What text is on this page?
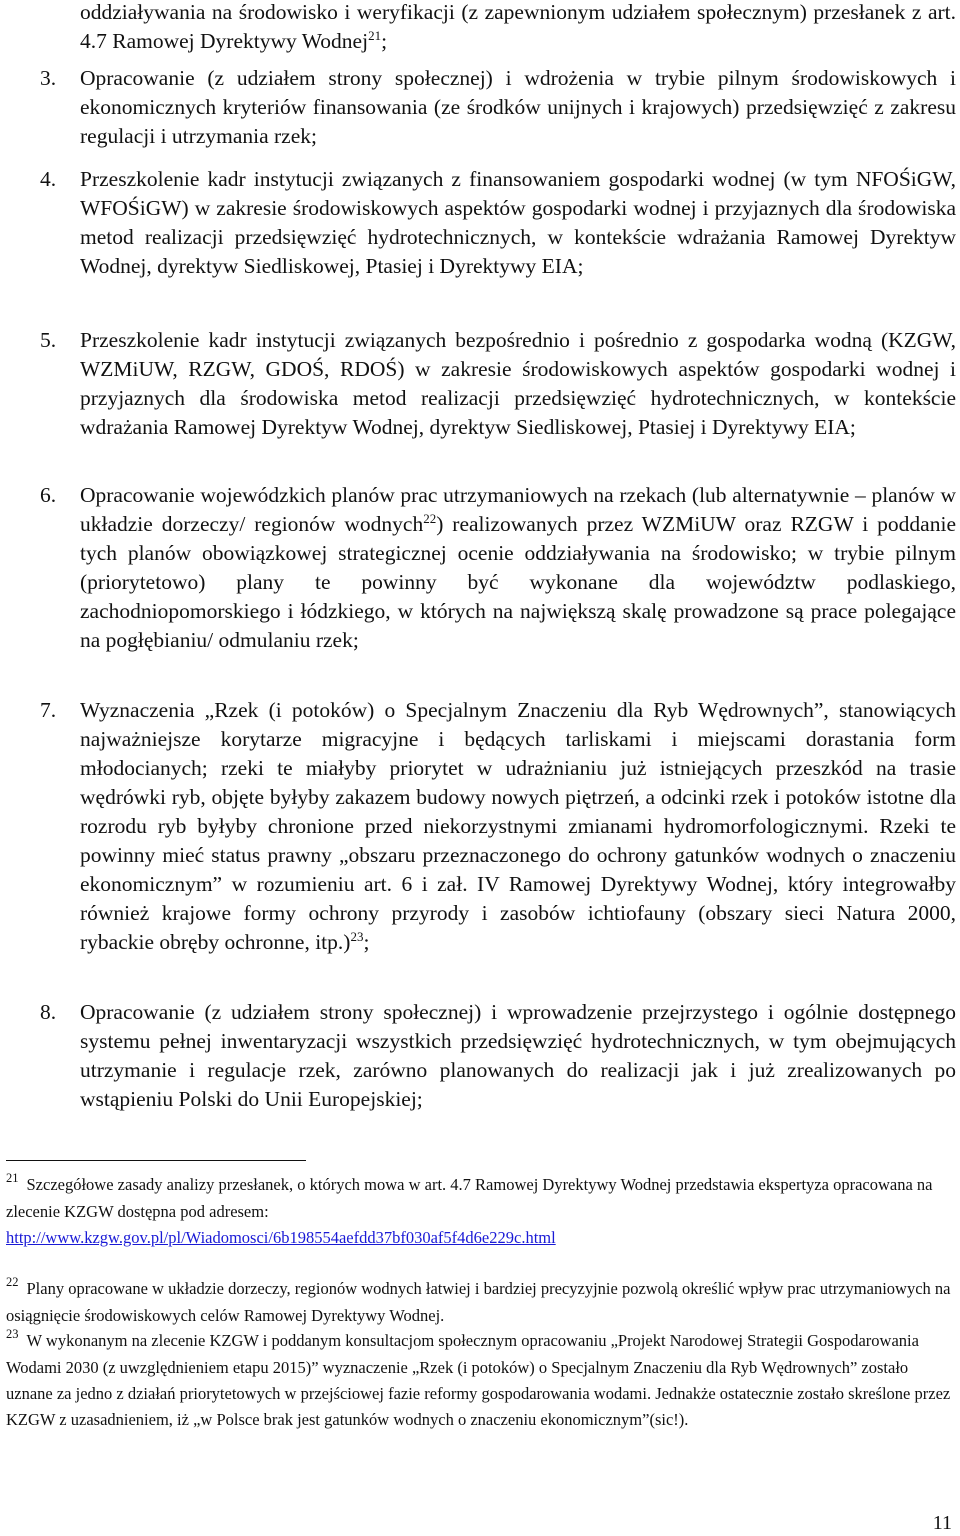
oddziaływania na środowisko i weryfikacji (z zapewnionym udziałem społecznym) przesłanek z art. 4.7 Ramowej Dyrektywy Wodnej$^{21}$;

3. Opracowanie (z udziałem strony społecznej) i wdrożenia w trybie pilnym środowiskowych i ekonomicznych kryteriów finansowania (ze środków unijnych i krajowych) przedsięwzięć z zakresu regulacji i utrzymania rzek;

4. Przeszkolenie kadr instytucji związanych z finansowaniem gospodarki wodnej (w tym NFOŚiGW, WFOŚiGW) w zakresie środowiskowych aspektów gospodarki wodnej i przyjaznych dla środowiska metod realizacji przedsięwzięć hydrotechnicznych, w kontekście wdrażania Ramowej Dyrektyw Wodnej, dyrektyw Siedliskowej, Ptasiej i Dyrektywy EIA;

5. Przeszkolenie kadr instytucji związanych bezpośrednio i pośrednio z gospodarka wodną (KZGW, WZMiUW, RZGW, GDOŚ, RDOŚ) w zakresie środowiskowych aspektów gospodarki wodnej i przyjaznych dla środowiska metod realizacji przedsięwzięć hydrotechnicznych, w kontekście wdrażania Ramowej Dyrektyw Wodnej, dyrektyw Siedliskowej, Ptasiej i Dyrektywy EIA;

6. Opracowanie wojewódzkich planów prac utrzymaniowych na rzekach (lub alternatywnie – planów w układzie dorzeczy/ regionów wodnych$^{22}$) realizowanych przez WZMiUW oraz RZGW i poddanie tych planów obowiązkowej strategicznej ocenie oddziaływania na środowisko; w trybie pilnym (priorytetowo) plany te powinny być wykonane dla województw podlaskiego, zachodniopomorskiego i łódzkiego, w których na największą skalę prowadzone są prace polegające na pogłębianiu/ odmulaniu rzek;

7. Wyznaczenia „Rzek (i potoków) o Specjalnym Znaczeniu dla Ryb Wędrownych”, stanowiących najważniejsze korytarze migracyjne i będących tarliskami i miejscami dorastania form młodocianych; rzeki te miałyby priorytet w udrażnianiu już istniejących przeszkód na trasie wędrówki ryb, objęte byłyby zakazem budowy nowych piętrzeń, a odcinki rzek i potoków istotne dla rozrodu ryb byłyby chronione przed niekorzystnymi zmianami hydromorfologicznymi. Rzeki te powinny mieć status prawny „obszaru przeznaczonego do ochrony gatunków wodnych o znaczeniu ekonomicznym” w rozumieniu art. 6 i zał. IV Ramowej Dyrektywy Wodnej, który integrowałby również krajowe formy ochrony przyrody i zasobów ichtiofauny (obszary sieci Natura 2000, rybackie obręby ochronne, itp.)$^{23}$;

8. Opracowanie (z udziałem strony społecznej) i wprowadzenie przejrzystego i ogólnie dostępnego systemu pełnej inwentaryzacji wszystkich przedsięwzięć hydrotechnicznych, w tym obejmujących utrzymanie i regulacje rzek, zarówno planowanych do realizacji jak i już zrealizowanych po wstąpieniu Polski do Unii Europejskiej;

$^{21}$ Szczegółowe zasady analizy przesłanek, o których mowa w art. 4.7 Ramowej Dyrektywy Wodnej przedstawia ekspertyza opracowana na zlecenie KZGW dostępna pod adresem:
http://www.kzgw.gov.pl/pl/Wiadomosci/6b198554aefdd37bf030af5f4d6e229c.html

$^{22}$ Plany opracowane w układzie dorzeczy, regionów wodnych łatwiej i bardziej precyzyjnie pozwolą określić wpływ prac utrzymaniowych na osiągnięcie środowiskowych celów Ramowej Dyrektywy Wodnej.

$^{23}$ W wykonanym na zlecenie KZGW i poddanym konsultacjom społecznym opracowaniu „Projekt Narodowej Strategii Gospodarowania Wodami 2030 (z uwzględnieniem etapu 2015)” wyznaczenie „Rzek (i potoków) o Specjalnym Znaczeniu dla Ryb Wędrownych” zostało uznane za jedno z działań priorytetowych w przejściowej fazie reformy gospodarowania wodami. Jednakże ostatecznie zostało skreślone przez KZGW z uzasadnieniem, iż „w Polsce brak jest gatunków wodnych o znaczeniu ekonomicznym”(sic!).

11
